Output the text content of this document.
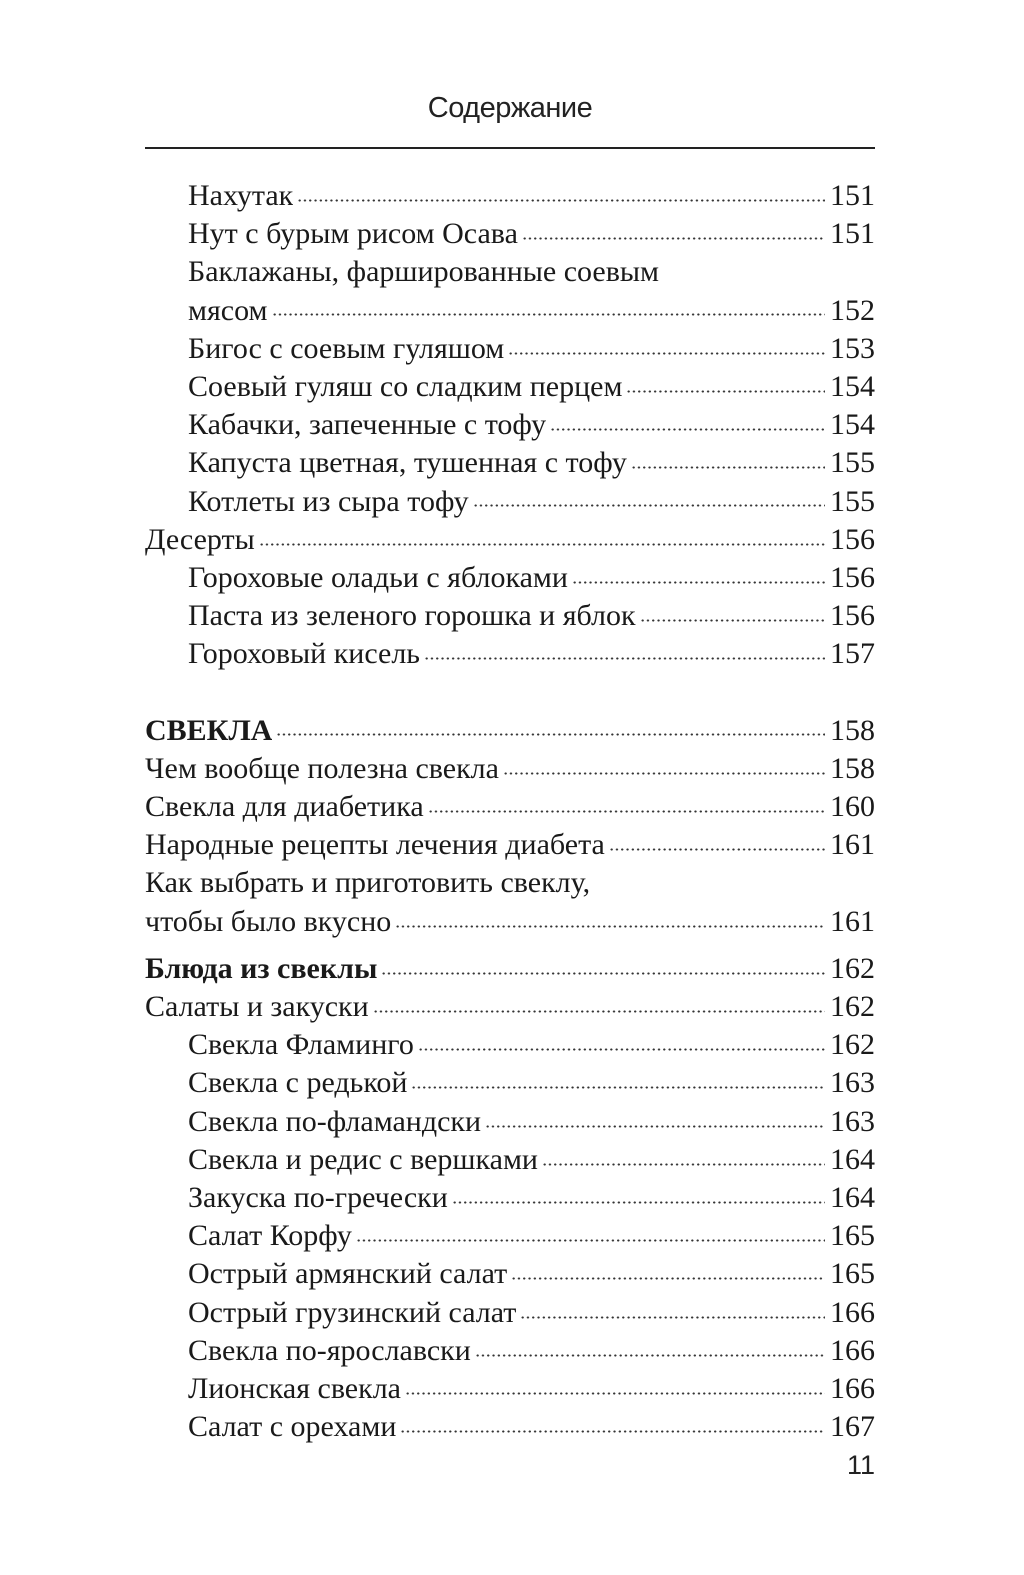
Содержание
Нахутак	151
Нут с бурым рисом Осава	151
Баклажаны, фаршированные соевым
мясом	152
Бигос с соевым гуляшом	153
Соевый гуляш со сладким перцем	154
Кабачки, запеченные с тофу	154
Капуста цветная, тушенная с тофу	155
Котлеты из сыра тофу	155
Десерты	156
Гороховые оладьи с яблоками	156
Паста из зеленого горошка и яблок	156
Гороховый кисель	157
СВЕКЛА	158
Чем вообще полезна свекла	158
Свекла для диабетика	160
Народные рецепты лечения диабета	161
Как выбрать и приготовить свеклу,
чтобы было вкусно	161
Блюда из свеклы	162
Салаты и закуски	162
Свекла Фламинго	162
Свекла с редькой	163
Свекла по-фламандски	163
Свекла и редис с вершками	164
Закуска по-гречески	164
Салат Корфу	165
Острый армянский салат	165
Острый грузинский салат	166
Свекла по-ярославски	166
Лионская свекла	166
Салат с орехами	167
11
